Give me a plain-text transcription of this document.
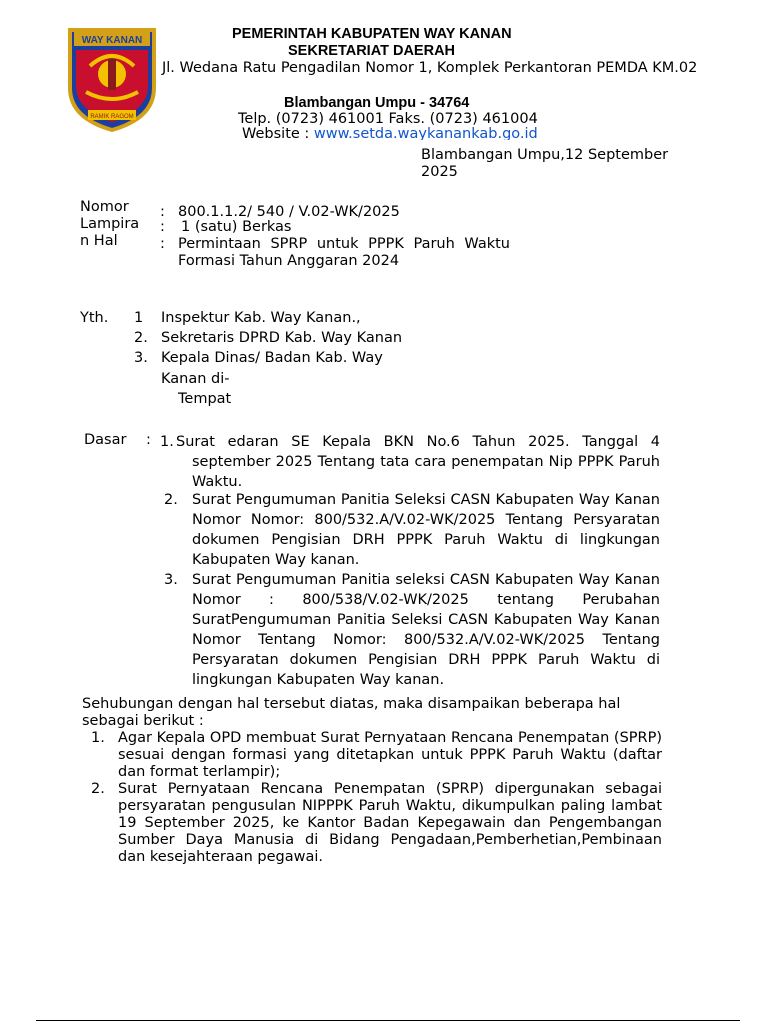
WAY KANAN
RAMIK RAGOM
PEMERINTAH KABUPATEN WAY KANAN
SEKRETARIAT DAERAH
Jl. Wedana Ratu Pengadilan Nomor 1, Komplek Perkantoran PEMDA KM.02
Blambangan Umpu - 34764
Telp. (0723) 461001 Faks. (0723) 461004
Website : www.setda.waykanankab.go.id
Blambangan Umpu,12 September 2025
Nomor
Lampira
n Hal
: 800.1.1.2/ 540 / V.02-WK/2025
:	1 (satu) Berkas
: Permintaan SPRP untuk PPPK Paruh Waktu Formasi Tahun Anggaran 2024
Yth. 1 Inspektur Kab. Way Kanan.,
2. Sekretaris DPRD Kab. Way Kanan
3. Kepala Dinas/ Badan Kab. Way
Kanan di-
Tempat
Dasar : 1. Surat edaran SE Kepala BKN No.6 Tahun 2025. Tanggal 4 september 2025 Tentang tata cara penempatan Nip PPPK Paruh Waktu.
2. Surat Pengumuman Panitia Seleksi CASN Kabupaten Way Kanan Nomor Nomor: 800/532.A/V.02-WK/2025 Tentang Persyaratan dokumen Pengisian DRH PPPK Paruh Waktu di lingkungan Kabupaten Way kanan.
3. Surat Pengumuman Panitia seleksi CASN Kabupaten Way Kanan Nomor : 800/538/V.02-WK/2025 tentang Perubahan SuratPengumuman Panitia Seleksi CASN Kabupaten Way Kanan Nomor Tentang Nomor: 800/532.A/V.02-WK/2025 Tentang Persyaratan dokumen Pengisian DRH PPPK Paruh Waktu di lingkungan Kabupaten Way kanan.
Sehubungan dengan hal tersebut diatas, maka disampaikan beberapa hal sebagai berikut :
1. Agar Kepala OPD membuat Surat Pernyataan Rencana Penempatan (SPRP) sesuai dengan formasi yang ditetapkan untuk PPPK Paruh Waktu (daftar dan format terlampir);
2. Surat Pernyataan Rencana Penempatan (SPRP) dipergunakan sebagai persyaratan pengusulan NIPPPK Paruh Waktu, dikumpulkan paling lambat 19 September 2025, ke Kantor Badan Kepegawain dan Pengembangan Sumber Daya Manusia di Bidang Pengadaan,Pemberhetian,Pembinaan dan kesejahteraan pegawai.
